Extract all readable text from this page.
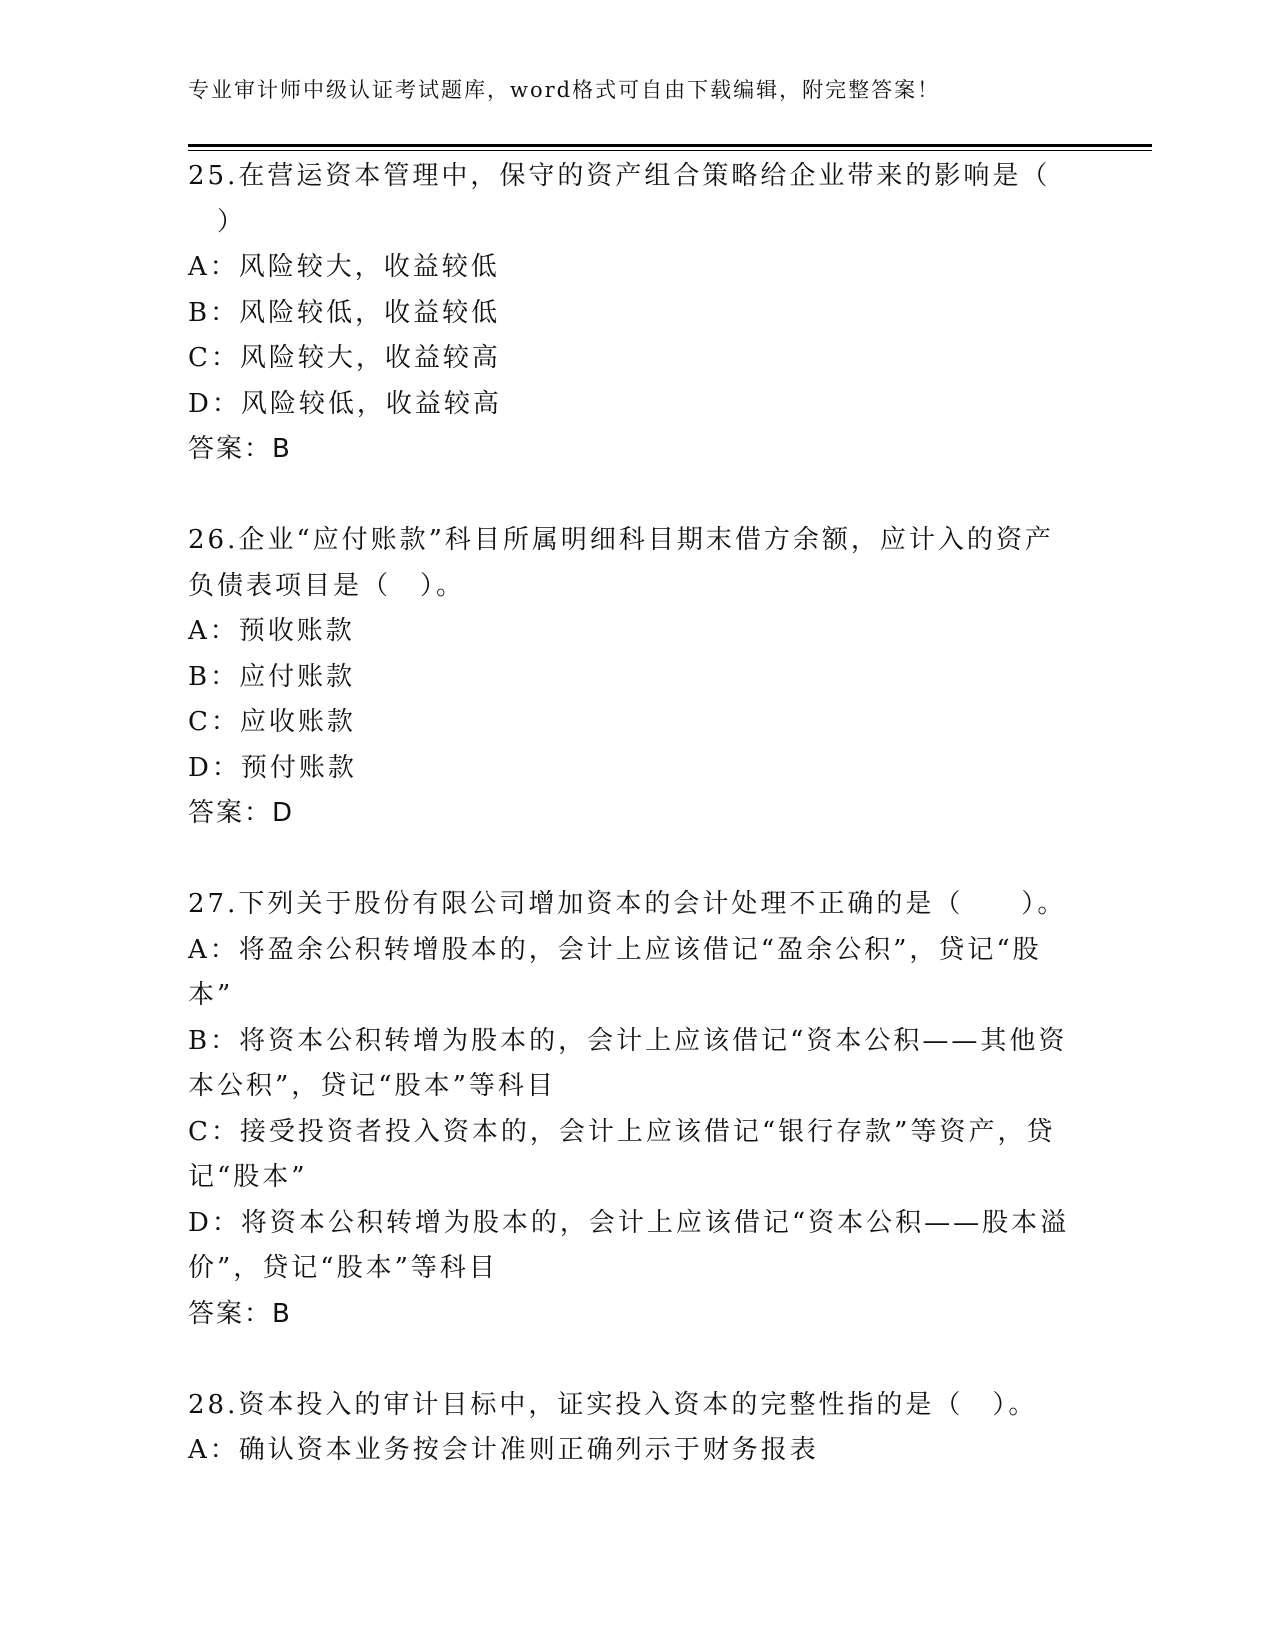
专业审计师中级认证考试题库，word格式可自由下载编辑，附完整答案！
25.在营运资本管理中，保守的资产组合策略给企业带来的影响是（
　）
A：风险较大，收益较低
B：风险较低，收益较低
C：风险较大，收益较高
D：风险较低，收益较高
答案：B
26.企业“应付账款”科目所属明细科目期末借方余额，应计入的资产
负债表项目是（　）。
A：预收账款
B：应付账款
C：应收账款
D：预付账款
答案：D
27.下列关于股份有限公司增加资本的会计处理不正确的是（　　）。
A：将盈余公积转增股本的，会计上应该借记“盈余公积”，贷记“股
本”
B：将资本公积转增为股本的，会计上应该借记“资本公积——其他资
本公积”，贷记“股本”等科目
C：接受投资者投入资本的，会计上应该借记“银行存款”等资产，贷
记“股本”
D：将资本公积转增为股本的，会计上应该借记“资本公积——股本溢
价”，贷记“股本”等科目
答案：B
28.资本投入的审计目标中，证实投入资本的完整性指的是（　）。
A：确认资本业务按会计准则正确列示于财务报表
